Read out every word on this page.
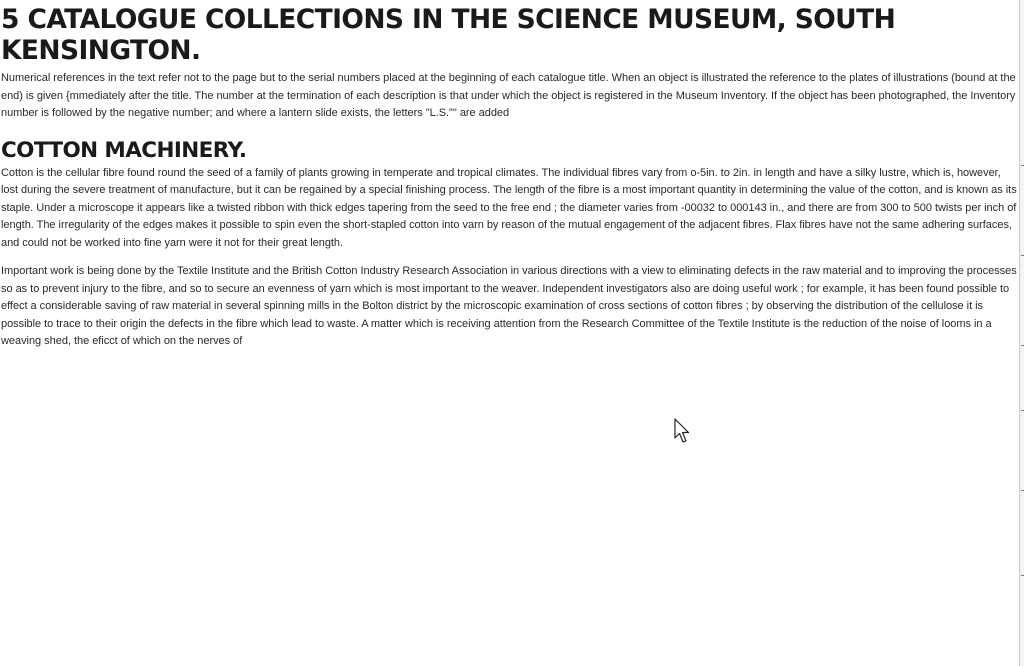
5 CATALOGUE COLLECTIONS IN THE SCIENCE MUSEUM, SOUTH KENSINGTON.

Numerical references in the text refer not to the page but to the serial numbers placed at the beginning of each catalogue title. When an object is illustrated the reference to the plates of illustrations (bound at the end) is given {mmediately after the title. The number at the termination of each description is that under which the object is registered in the Museum Inventory. If the object has been photographed, the Inventory number is followed by the negative number; and where a lantern slide exists, the letters "L.S."" are added

COTTON MACHINERY.

Cotton is the cellular fibre found round the seed of a family of plants growing in temperate and tropical climates. The individual fibres vary from o-5in. to 2in. in length and have a silky lustre, which is, however, lost during the severe treatment of manufacture, but it can be regained by a special finishing process. The length of the fibre is a most important quantity in determining the value of the cotton, and is known as its staple. Under a microscope it appears like a twisted ribbon with thick edges tapering from the seed to the free end ; the diameter varies from -00032 to 000143 in., and there are from 300 to 500 twists per inch of length. The irregularity of the edges makes it possible to spin even the short-stapled cotton into varn by reason of the mutual engagement of the adjacent fibres. Flax fibres have not the same adhering surfaces, and could not be worked into fine yarn were it not for their great length.

Important work is being done by the Textile Institute and the British Cotton Industry Research Association in various directions with a view to eliminating defects in the raw material and to improving the processes so as to prevent injury to the fibre, and so to secure an evenness of yarn which is most important to the weaver. Independent investigators also are doing useful work ; for example, it has been found possible to effect a considerable saving of raw material in several spinning mills in the Bolton district by the microscopic examination of cross sections of cotton fibres ; by observing the distribution of the cellulose it is possible to trace to their origin the defects in the fibre which lead to waste. A matter which is receiving attention from the Research Committee of the Textile Institute is the reduction of the noise of looms in a weaving shed, the eficct of which on the nerves of
